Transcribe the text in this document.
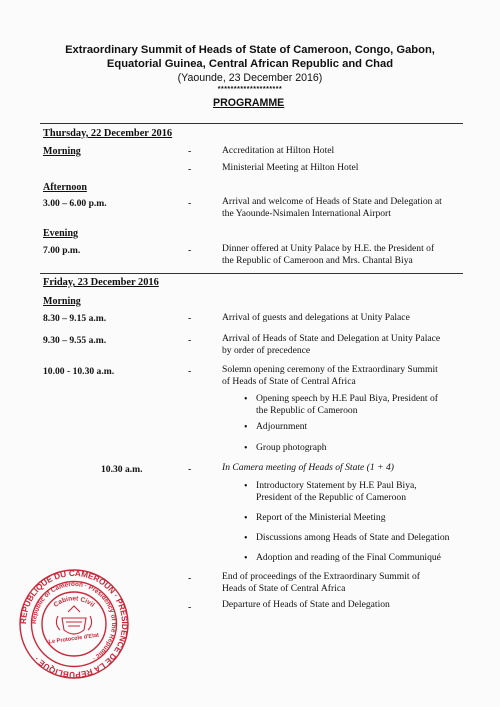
Extraordinary Summit of Heads of State of Cameroon, Congo, Gabon,
Equatorial Guinea, Central African Republic and Chad
(Yaounde, 23 December 2016)
********************
PROGRAMME
Thursday, 22 December 2016
Morning	-	Accreditation at Hilton Hotel
-	Ministerial Meeting at Hilton Hotel
Afternoon
3.00 – 6.00 p.m.	-	Arrival and welcome of Heads of State and Delegation at
the Yaounde-Nsimalen International Airport
Evening
7.00 p.m.	-	Dinner offered at Unity Palace by H.E. the President of
the Republic of Cameroon and Mrs. Chantal Biya
Friday, 23 December 2016
Morning
8.30 – 9.15 a.m.	-	Arrival of guests and delegations at Unity Palace
9.30 – 9.55 a.m.	-	Arrival of Heads of State and Delegation at Unity Palace
by order of precedence
10.00 - 10.30 a.m.	-	Solemn opening ceremony of the Extraordinary Summit
of Heads of State of Central Africa
• Opening speech by H.E Paul Biya, President of
the Republic of Cameroon
• Adjournment
• Group photograph
10.30 a.m.	-	In Camera meeting of Heads of State (1 + 4)
• Introductory Statement by H.E Paul Biya,
President of the Republic of Cameroon
• Report of the Ministerial Meeting
• Discussions among Heads of State and Delegation
• Adoption and reading of the Final Communiqué
-	End of proceedings of the Extraordinary Summit of
Heads of State of Central Africa
-	Departure of Heads of State and Delegation
REPUBLIQUE DU CAMEROUN · PRESIDENCE DE LA REPUBLIQUE ·
Republic of Cameroon · Presidency of the Republic ·
Cabinet Civil
Le Protocole d'Etat
